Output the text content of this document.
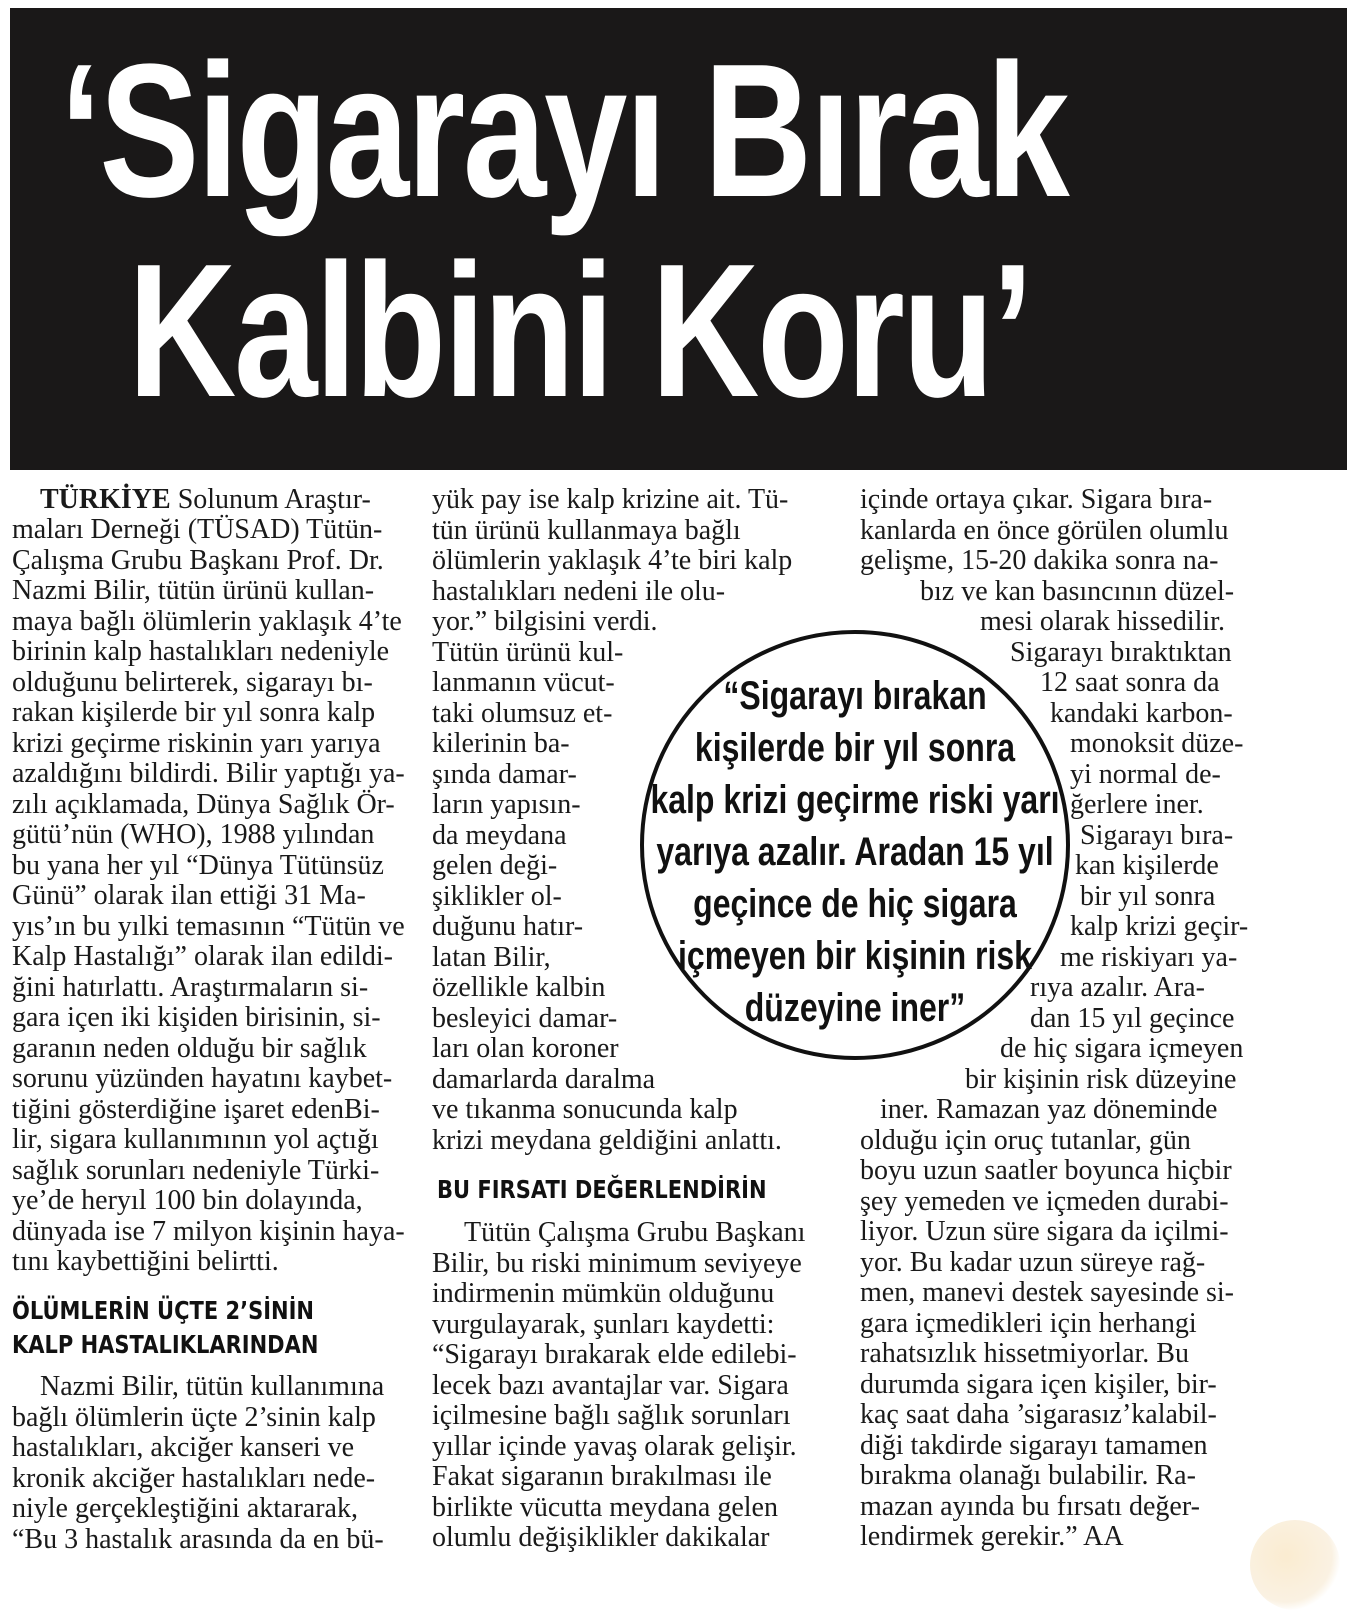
‘Sigarayı Bırak
Kalbini Koru’
TÜRKİYE Solunum Araştır-
maları Derneği (TÜSAD) Tütün-
Çalışma Grubu Başkanı Prof. Dr.
Nazmi Bilir, tütün ürünü kullan-
maya bağlı ölümlerin yaklaşık 4’te
birinin kalp hastalıkları nedeniyle
olduğunu belirterek, sigarayı bı-
rakan kişilerde bir yıl sonra kalp
krizi geçirme riskinin yarı yarıya
azaldığını bildirdi. Bilir yaptığı ya-
zılı açıklamada, Dünya Sağlık Ör-
gütü’nün (WHO), 1988 yılından
bu yana her yıl “Dünya Tütünsüz
Günü” olarak ilan ettiği 31 Ma-
yıs’ın bu yılki temasının “Tütün ve
Kalp Hastalığı” olarak ilan edildi-
ğini hatırlattı. Araştırmaların si-
gara içen iki kişiden birisinin, si-
garanın neden olduğu bir sağlık
sorunu yüzünden hayatını kaybet-
tiğini gösterdiğine işaret edenBi-
lir, sigara kullanımının yol açtığı
sağlık sorunları nedeniyle Türki-
ye’de heryıl 100 bin dolayında,
dünyada ise 7 milyon kişinin haya-
tını kaybettiğini belirtti.
ÖLÜMLERİN ÜÇTE 2’SİNİN
KALP HASTALIKLARINDAN
Nazmi Bilir, tütün kullanımına
bağlı ölümlerin üçte 2’sinin kalp
hastalıkları, akciğer kanseri ve
kronik akciğer hastalıkları nede-
niyle gerçekleştiğini aktararak,
“Bu 3 hastalık arasında da en bü-
yük pay ise kalp krizine ait. Tü-
tün ürünü kullanmaya bağlı
ölümlerin yaklaşık 4’te biri kalp
hastalıkları nedeni ile olu-
yor.” bilgisini verdi.
Tütün ürünü kul-
lanmanın vücut-
taki olumsuz et-
kilerinin ba-
şında damar-
ların yapısın-
da meydana
gelen deği-
şiklikler ol-
duğunu hatır-
latan Bilir,
özellikle kalbin
besleyici damar-
ları olan koroner
damarlarda daralma
ve tıkanma sonucunda kalp
krizi meydana geldiğini anlattı.
BU FIRSATI DEĞERLENDİRİN
Tütün Çalışma Grubu Başkanı
Bilir, bu riski minimum seviyeye
indirmenin mümkün olduğunu
vurgulayarak, şunları kaydetti:
“Sigarayı bırakarak elde edilebi-
lecek bazı avantajlar var. Sigara
içilmesine bağlı sağlık sorunları
yıllar içinde yavaş olarak gelişir.
Fakat sigaranın bırakılması ile
birlikte vücutta meydana gelen
olumlu değişiklikler dakikalar
içinde ortaya çıkar. Sigara bıra-
kanlarda en önce görülen olumlu
gelişme, 15-20 dakika sonra na-
bız ve kan basıncının düzel-
mesi olarak hissedilir.
Sigarayı bıraktıktan
12 saat sonra da
kandaki karbon-
monoksit düze-
yi normal de-
ğerlere iner.
Sigarayı bıra-
kan kişilerde
bir yıl sonra
kalp krizi geçir-
me riskiyarı ya-
rıya azalır. Ara-
dan 15 yıl geçince
de hiç sigara içmeyen
bir kişinin risk düzeyine
iner. Ramazan yaz döneminde
olduğu için oruç tutanlar, gün
boyu uzun saatler boyunca hiçbir
şey yemeden ve içmeden durabi-
liyor. Uzun süre sigara da içilmi-
yor. Bu kadar uzun süreye rağ-
men, manevi destek sayesinde si-
gara içmedikleri için herhangi
rahatsızlık hissetmiyorlar. Bu
durumda sigara içen kişiler, bir-
kaç saat daha ’sigarasız’kalabil-
diği takdirde sigarayı tamamen
bırakma olanağı bulabilir. Ra-
mazan ayında bu fırsatı değer-
lendirmek gerekir.” AA
“Sigarayı bırakan
kişilerde bir yıl sonra
kalp krizi geçirme riski yarı
yarıya azalır. Aradan 15 yıl
geçince de hiç sigara
içmeyen bir kişinin risk
düzeyine iner”
